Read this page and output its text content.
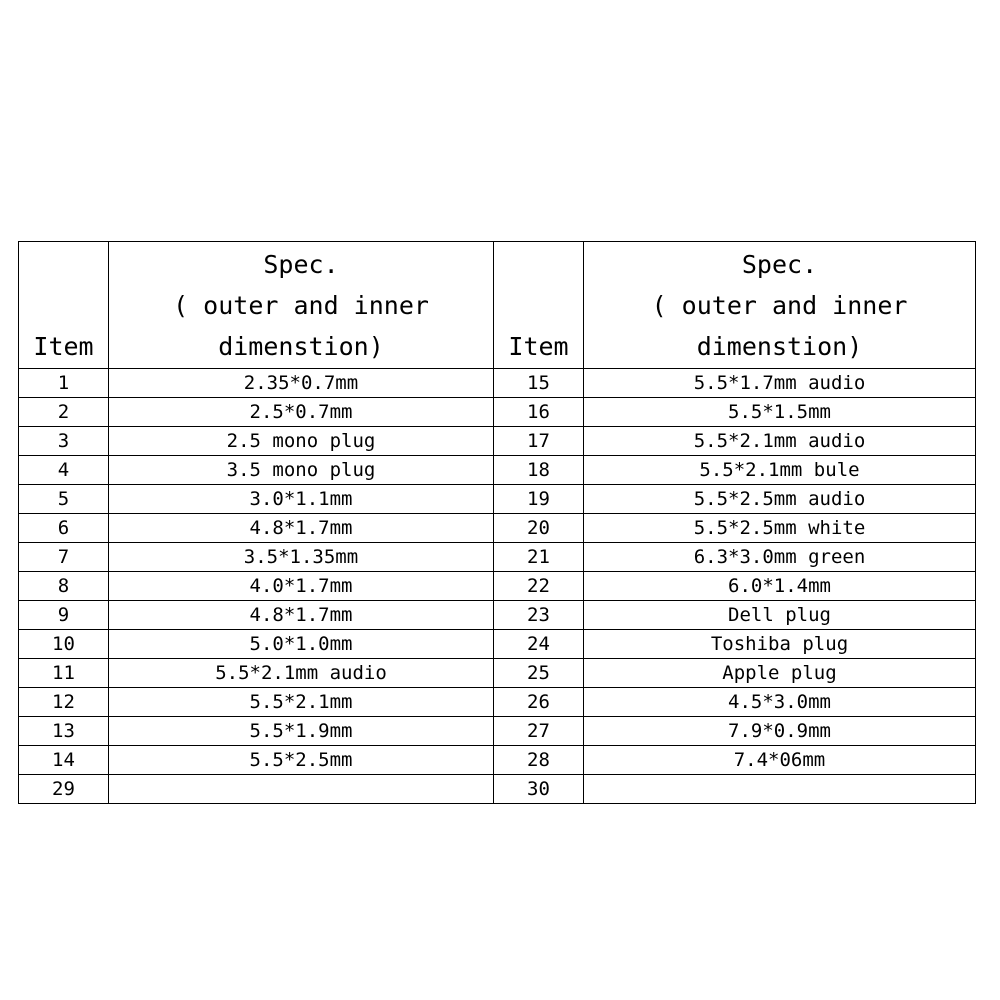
Item	Spec.
( outer and inner
dimenstion)	Item	Spec.
( outer and inner
dimenstion)

1	2.35*0.7mm	15	5.5*1.7mm audio
2	2.5*0.7mm	16	5.5*1.5mm
3	2.5 mono plug	17	5.5*2.1mm audio
4	3.5 mono plug	18	5.5*2.1mm bule
5	3.0*1.1mm	19	5.5*2.5mm audio
6	4.8*1.7mm	20	5.5*2.5mm white
7	3.5*1.35mm	21	6.3*3.0mm green
8	4.0*1.7mm	22	6.0*1.4mm
9	4.8*1.7mm	23	Dell plug
10	5.0*1.0mm	24	Toshiba plug
11	5.5*2.1mm audio	25	Apple plug
12	5.5*2.1mm	26	4.5*3.0mm
13	5.5*1.9mm	27	7.9*0.9mm
14	5.5*2.5mm	28	7.4*06mm
29		30	
